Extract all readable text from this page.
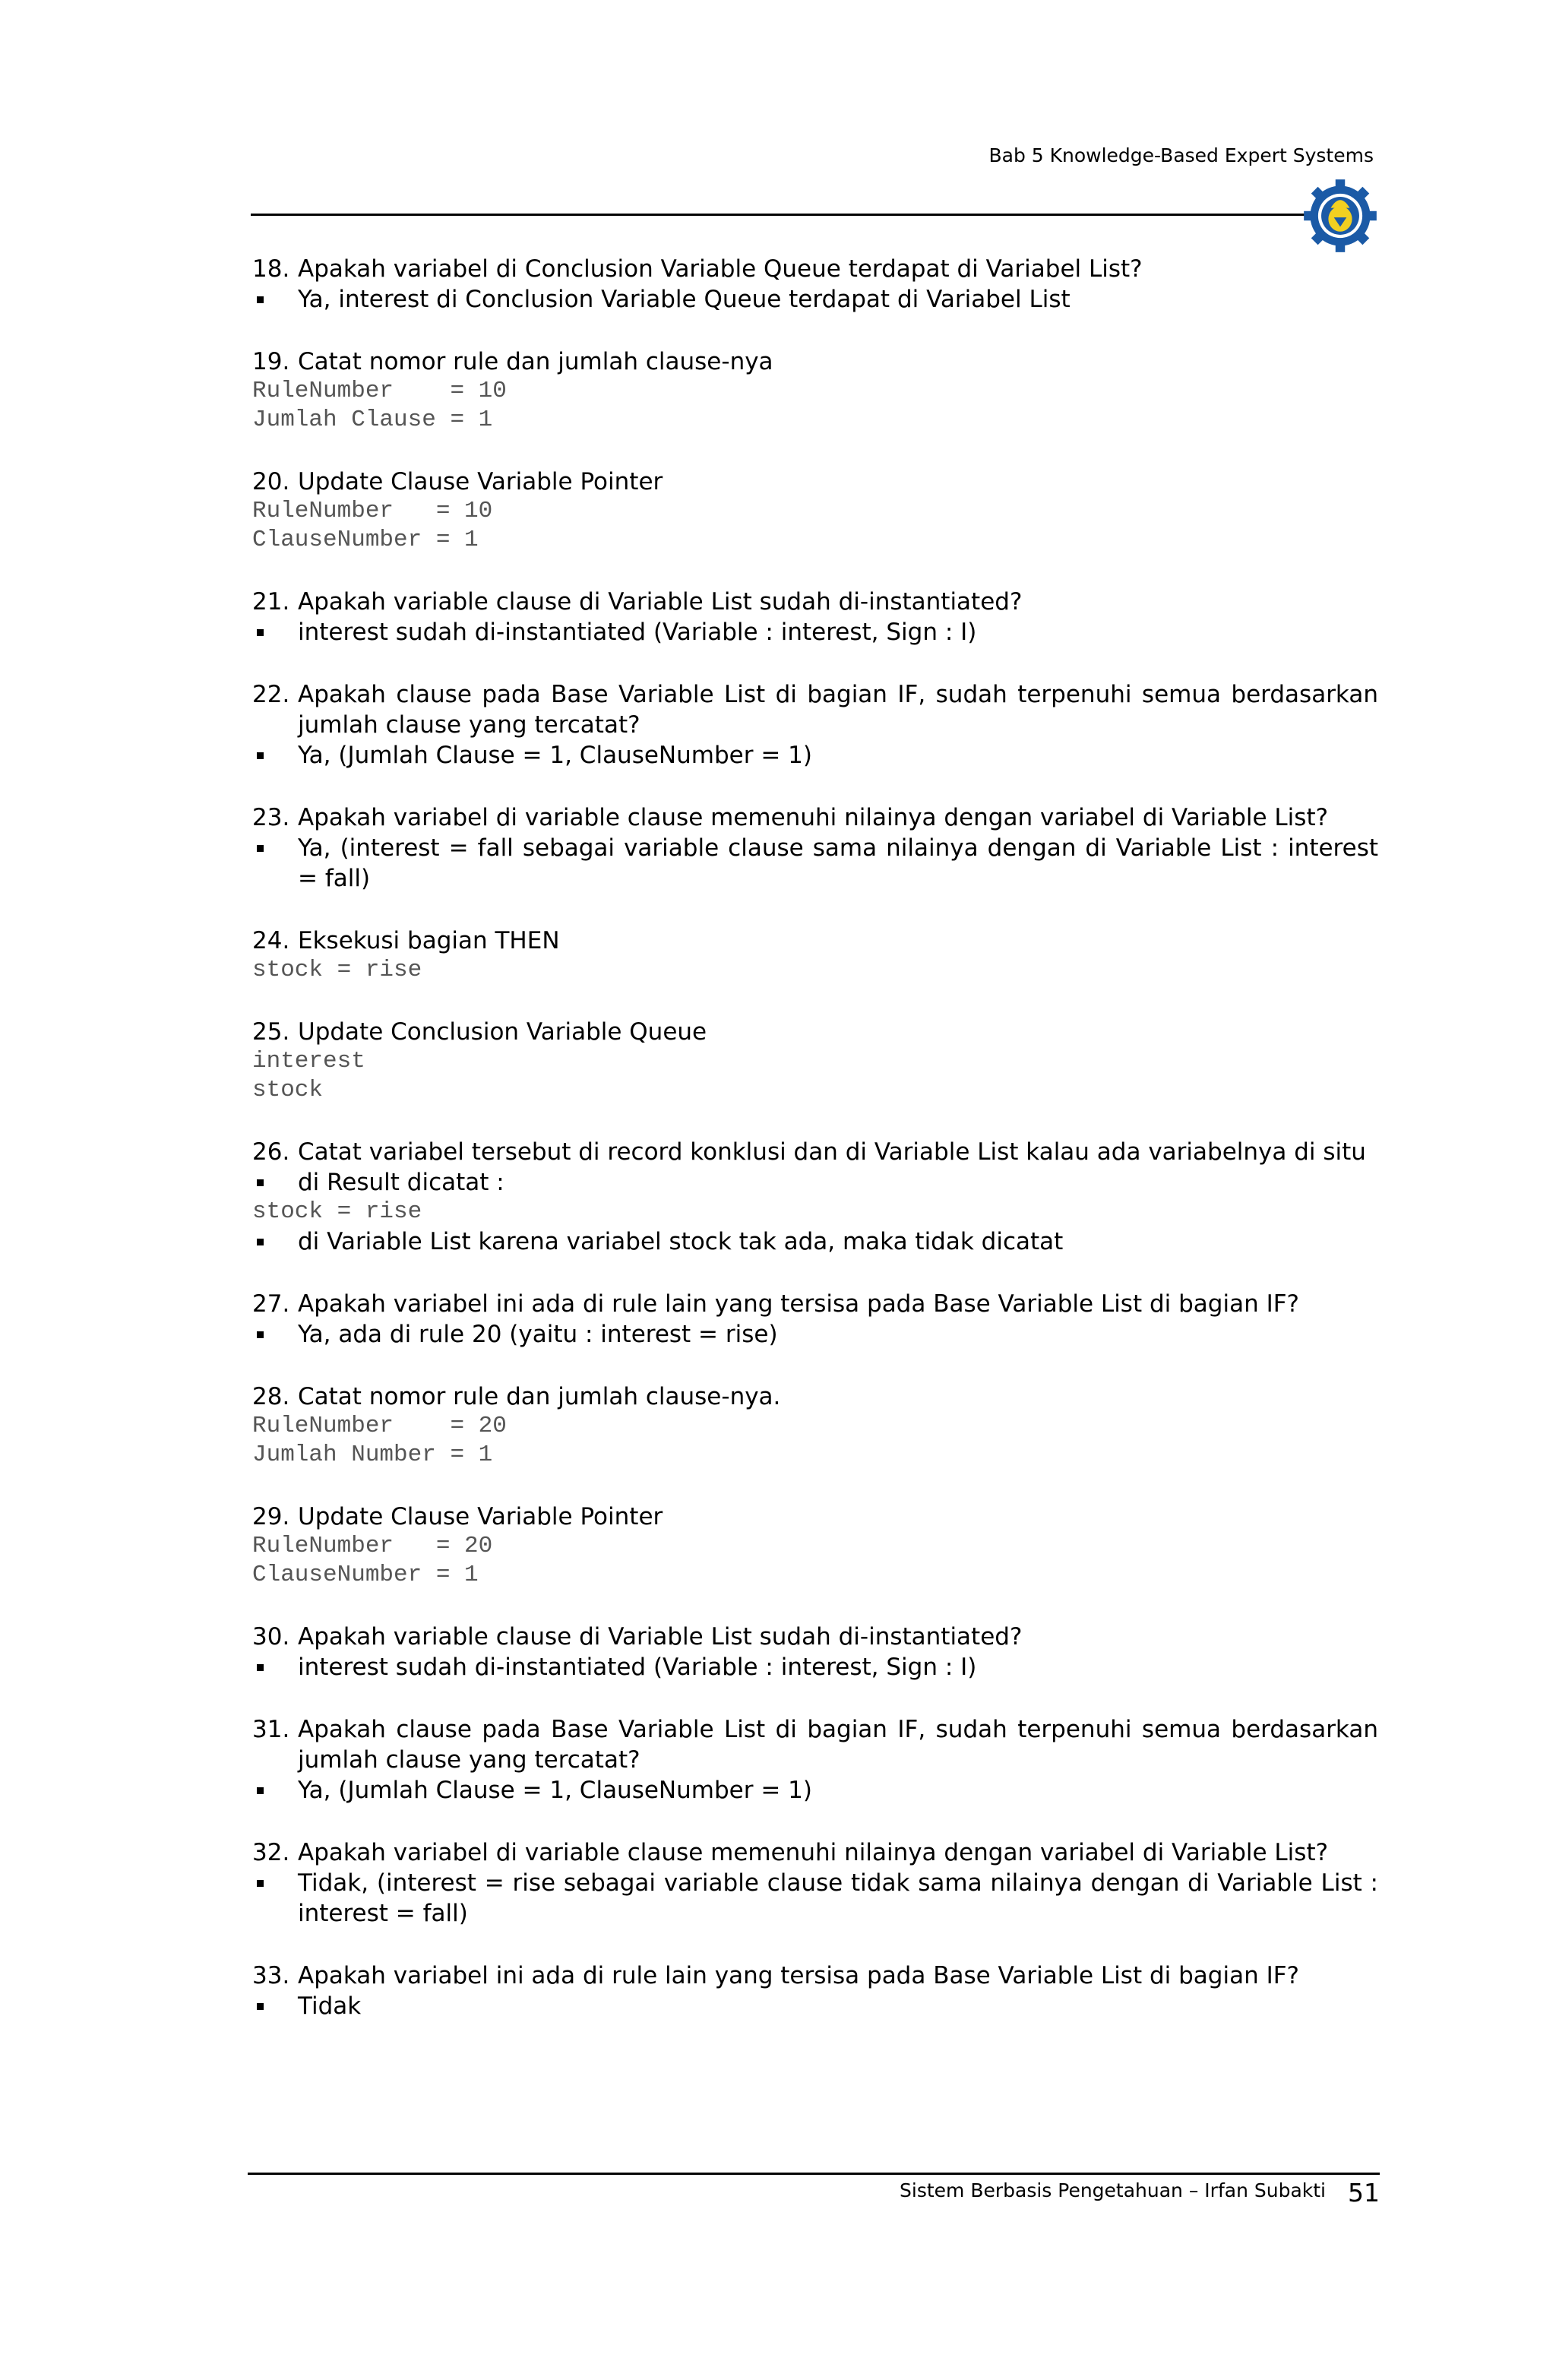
Bab 5 Knowledge-Based Expert Systems
18. Apakah variabel di Conclusion Variable Queue terdapat di Variabel List?
Ya, interest di Conclusion Variable Queue terdapat di Variabel List
19. Catat nomor rule dan jumlah clause-nya
RuleNumber    = 10
Jumlah Clause = 1
20. Update Clause Variable Pointer
RuleNumber   = 10
ClauseNumber = 1
21. Apakah variable clause di Variable List sudah di-instantiated?
interest sudah di-instantiated (Variable : interest, Sign : I)
22. Apakah clause pada Base Variable List di bagian IF, sudah terpenuhi semua berdasarkan jumlah clause yang tercatat?
Ya, (Jumlah Clause = 1, ClauseNumber = 1)
23. Apakah variabel di variable clause memenuhi nilainya dengan variabel di Variable List?
Ya, (interest = fall sebagai variable clause sama nilainya dengan di Variable List : interest = fall)
24. Eksekusi bagian THEN
stock = rise
25. Update Conclusion Variable Queue
interest
stock
26. Catat variabel tersebut di record konklusi dan di Variable List kalau ada variabelnya di situ
di Result dicatat :
stock = rise
di Variable List karena variabel stock tak ada, maka tidak dicatat
27. Apakah variabel ini ada di rule lain yang tersisa pada Base Variable List di bagian IF?
Ya, ada di rule 20 (yaitu : interest = rise)
28. Catat nomor rule dan jumlah clause-nya.
RuleNumber    = 20
Jumlah Number = 1
29. Update Clause Variable Pointer
RuleNumber   = 20
ClauseNumber = 1
30. Apakah variable clause di Variable List sudah di-instantiated?
interest sudah di-instantiated (Variable : interest, Sign : I)
31. Apakah clause pada Base Variable List di bagian IF, sudah terpenuhi semua berdasarkan jumlah clause yang tercatat?
Ya, (Jumlah Clause = 1, ClauseNumber = 1)
32. Apakah variabel di variable clause memenuhi nilainya dengan variabel di Variable List?
Tidak, (interest = rise sebagai variable clause tidak sama nilainya dengan di Variable List : interest = fall)
33. Apakah variabel ini ada di rule lain yang tersisa pada Base Variable List di bagian IF?
Tidak
Sistem Berbasis Pengetahuan – Irfan Subakti 51
